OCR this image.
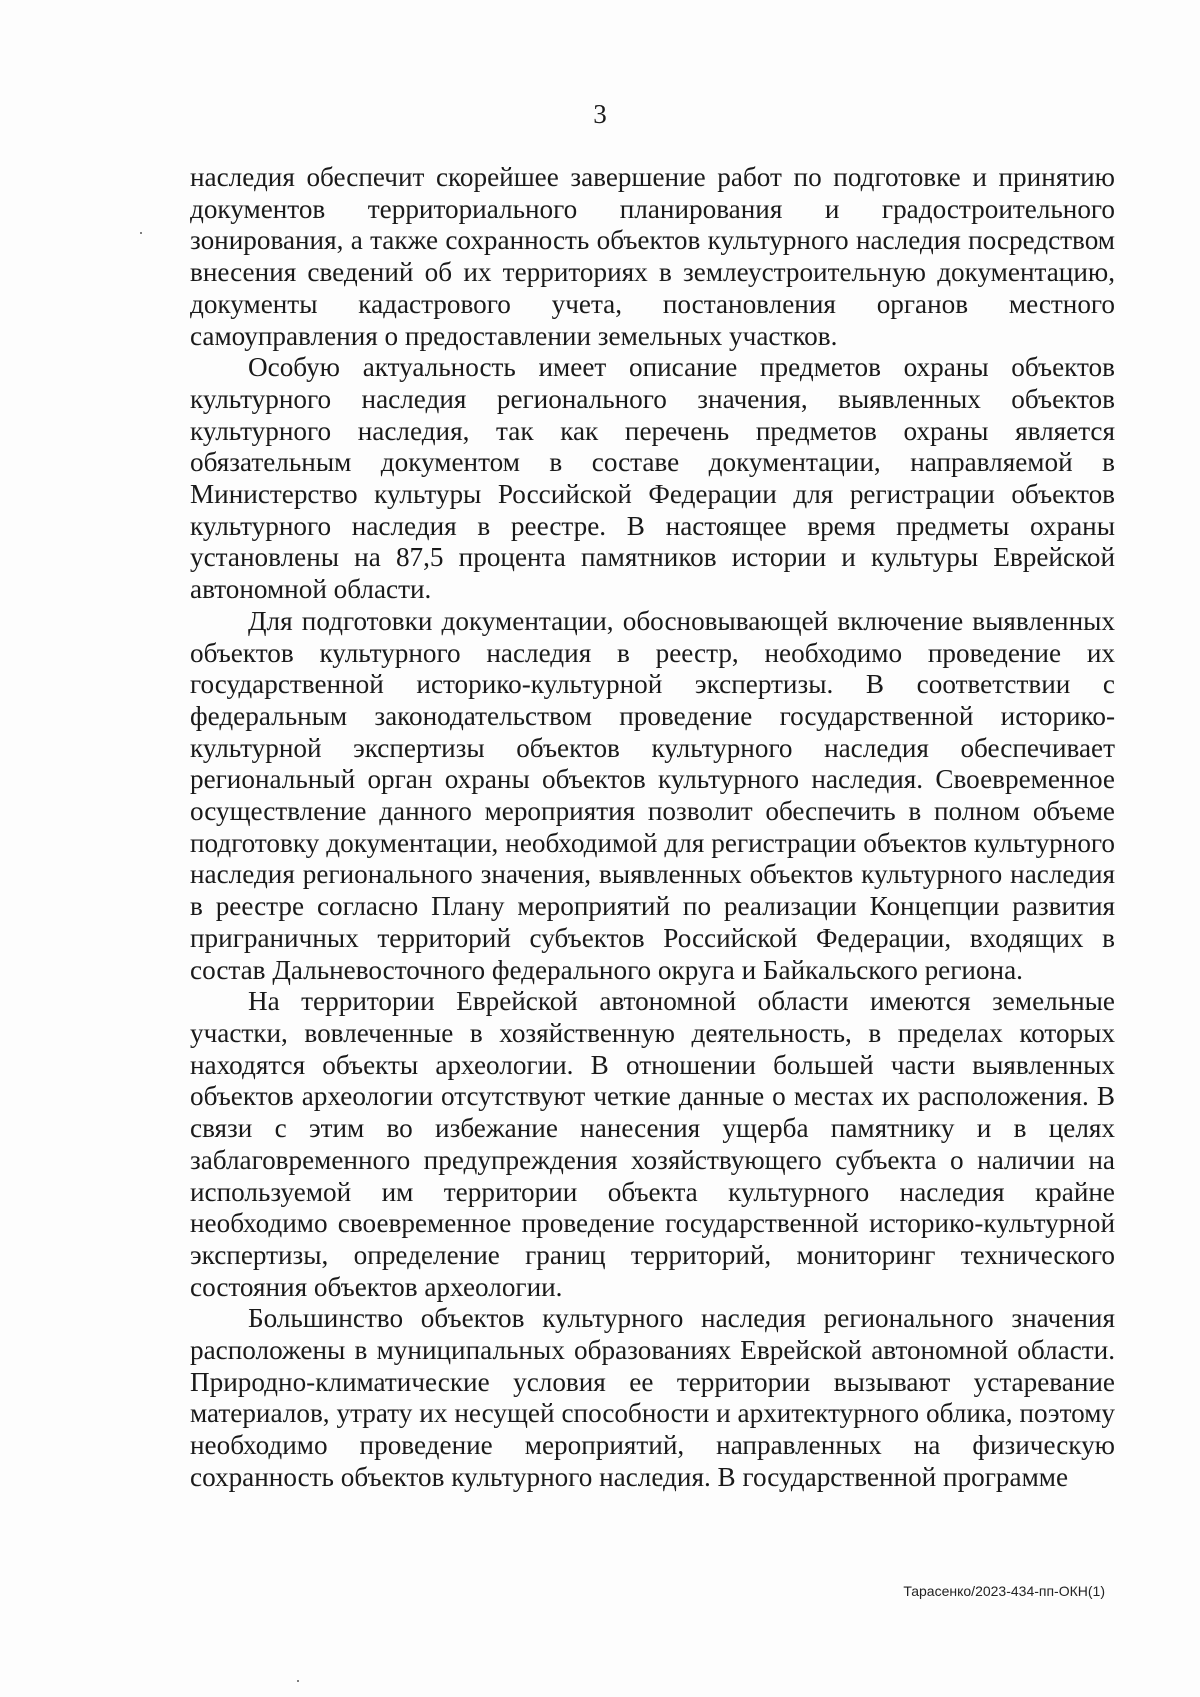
3

наследия обеспечит скорейшее завершение работ по подготовке и принятию документов территориального планирования и градостроительного зонирования, а также сохранность объектов культурного наследия посредством внесения сведений об их территориях в землеустроительную документацию, документы кадастрового учета, постановления органов местного самоуправления о предоставлении земельных участков.

Особую актуальность имеет описание предметов охраны объектов культурного наследия регионального значения, выявленных объектов культурного наследия, так как перечень предметов охраны является обязательным документом в составе документации, направляемой в Министерство культуры Российской Федерации для регистрации объектов культурного наследия в реестре. В настоящее время предметы охраны установлены на 87,5 процента памятников истории и культуры Еврейской автономной области.

Для подготовки документации, обосновывающей включение выявленных объектов культурного наследия в реестр, необходимо проведение их государственной историко-культурной экспертизы. В соответствии с федеральным законодательством проведение государственной историко-культурной экспертизы объектов культурного наследия обеспечивает региональный орган охраны объектов культурного наследия. Своевременное осуществление данного мероприятия позволит обеспечить в полном объеме подготовку документации, необходимой для регистрации объектов культурного наследия регионального значения, выявленных объектов культурного наследия в реестре согласно Плану мероприятий по реализации Концепции развития приграничных территорий субъектов Российской Федерации, входящих в состав Дальневосточного федерального округа и Байкальского региона.

На территории Еврейской автономной области имеются земельные участки, вовлеченные в хозяйственную деятельность, в пределах которых находятся объекты археологии. В отношении большей части выявленных объектов археологии отсутствуют четкие данные о местах их расположения. В связи с этим во избежание нанесения ущерба памятнику и в целях заблаговременного предупреждения хозяйствующего субъекта о наличии на используемой им территории объекта культурного наследия крайне необходимо своевременное проведение государственной историко-культурной экспертизы, определение границ территорий, мониторинг технического состояния объектов археологии.

Большинство объектов культурного наследия регионального значения расположены в муниципальных образованиях Еврейской автономной области. Природно-климатические условия ее территории вызывают устаревание материалов, утрату их несущей способности и архитектурного облика, поэтому необходимо проведение мероприятий, направленных на физическую сохранность объектов культурного наследия. В государственной программе

Тарасенко/2023-434-пп-ОКН(1)
